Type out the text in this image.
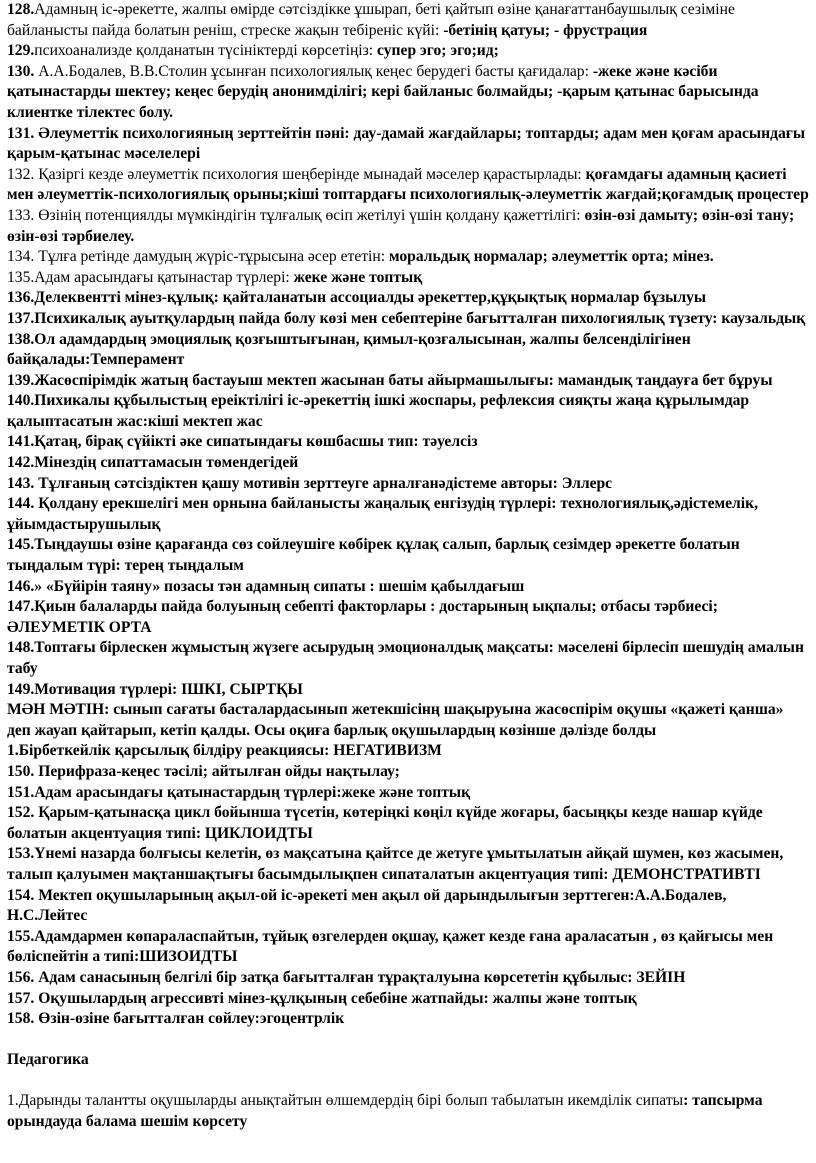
128.Адамның іс-әрекетте, жалпы өмірде сәтсіздікке ұшырап, беті қайтып өзіне қанағаттанбаушылық сезіміне байланысты пайда болатын реніш, стреске жақын тебіреніс күйі: -бетінің қатуы; - фрустрация

129.психоанализде қолданатын түсініктерді көрсетіңіз: супер эго; эго;ид;

130. А.А.Бодалев, В.В.Столин ұсынған психологиялық кеңес берудегі басты қағидалар: -жеке және кәсіби қатынастарды шектеу; кеңес берудің анонимділігі; кері байланыс болмайды; -қарым қатынас барысында клиентке тілектес болу.

131. Әлеуметтік психологияның зерттейтін пәні: дау-дамай жағдайлары; топтарды; адам мен қоғам арасындағы қарым-қатынас мәселелері

132. Қазіргі кезде әлеуметтік психология шеңберінде мынадай мәселер қарастырлады: қоғамдағы адамның қасиеті мен әлеуметтік-психологиялық орыны;кіші топтардағы психологиялық-әлеуметтік жағдай;қоғамдық процестер

133. Өзінің потенциялды мүмкіндігін тұлғалық өсіп жетілуі үшін қолдану қажеттілігі: өзін-өзі дамыту; өзін-өзі тану; өзін-өзі тәрбиелеу.

134. Тұлға ретінде дамудың жүріс-тұрысына әсер ететін: моральдық нормалар; әлеуметтік орта; мінез.

135.Адам арасындағы қатынастар түрлері: жеке және топтық

136.Делеквентті мінез-құлық: қайталанатын ассоциалды әрекеттер,құқықтық нормалар бұзылуы

137.Психикалық ауытқулардың пайда болу көзі мен себептеріне бағытталған пихологиялық түзету: каузальдық

138.Ол адамдардың эмоциялық қозғыштығынан, қимыл-қозғалысынан, жалпы белсенділігінен байқалады:Темперамент

139.Жасөспірімдік жатың бастауыш мектеп жасынан баты айырмашылығы: мамандық таңдауға бет бұруы

140.Пихикалы құбылыстың ереіктілігі іс-әрекеттің ішкі жоспары, рефлексия сияқты жаңа құрылымдар қалыптасатын жас:кіші мектеп жас

141.Қатаң, бірақ сүйікті әке сипатындағы көшбасшы тип: тәуелсіз

142.Мінездің сипаттамасын төмендегідей

143. Тұлғаның сәтсіздіктен қашу мотивін зерттеуге арналғанәдістеме авторы: Эллерс

144. Қолдану ерекшелігі мен орнына байланысты жаңалық енгізудің түрлері: технологиялық,әдістемелік, ұйымдастырушылық

145.Тыңдаушы өзіне қарағанда сөз сойлеушіге көбірек құлақ салып, барлық сезімдер әрекетте болатын тыңдалым түрі: терең тыңдалым

146.» «Бүйірін таяну» позасы тән адамның сипаты : шешім қабылдағыш

147.Қиын балаларды пайда болуының себепті факторлары : достарының ықпалы; отбасы тәрбиесі; ӘЛЕУМЕТІК ОРТА

148.Топтағы бірлескен жұмыстың жүзеге асырудың эмоционалдық мақсаты: мәселені бірлесіп шешудің амалын табу

149.Мотивация түрлері: ІШКІ, СЫРТҚЫ

МӘН МӘТІН: сынып сағаты басталардасынып жетекшісінң шақыруына жасөспірім оқушы «қажеті қанша» деп жауап қайтарып, кетіп қалды. Осы оқиға барлық оқушылардың көзінше дәлізде болды

1.Бірбеткейлік қарсылық білдіру реакциясы: НЕГАТИВИЗМ

150. Перифраза-кеңес тәсілі; айтылған ойды нақтылау;

151.Адам арасындағы қатынастардың түрлері:жеке және топтық

152. Қарым-қатынасқа цикл бойынша түсетін, көтеріңкі көңіл күйде жоғары, басыңқы кезде нашар күйде болатын акцентуация типі: ЦИКЛОИДТЫ

153.Үнемі назарда болғысы келетін, өз мақсатына қайтсе де жетуге ұмытылатын айқай шумен, көз жасымен, талып қалуымен мақтаншақтығы басымдылықпен сипаталатын акцентуация типі: ДЕМОНСТРАТИВТІ

154. Мектеп оқушыларының ақыл-ой іс-әрекеті мен ақыл ой дарындылығын зерттеген:А.А.Бодалев, Н.С.Лейтес

155.Адамдармен көпараласпайтын, тұйық өзгелерден оқшау, қажет кезде ғана араласатын , өз қайғысы мен бөліспейтін а типі:ШИЗОИДТЫ

156. Адам санасының белгілі бір затқа бағытталған тұрақталуына көрсететін құбылыс: ЗЕЙІН

157. Оқушылардың агрессивті мінез-құлқының себебіне жатпайды: жалпы және топтық

158. Өзін-өзіне бағытталған сөйлеу:эгоцентрлік

Педагогика

1.Дарынды талантты оқушыларды анықтайтын өлшемдердің бірі болып табылатын икемділік сипаты: тапсырма орындауда балама шешім көрсету
